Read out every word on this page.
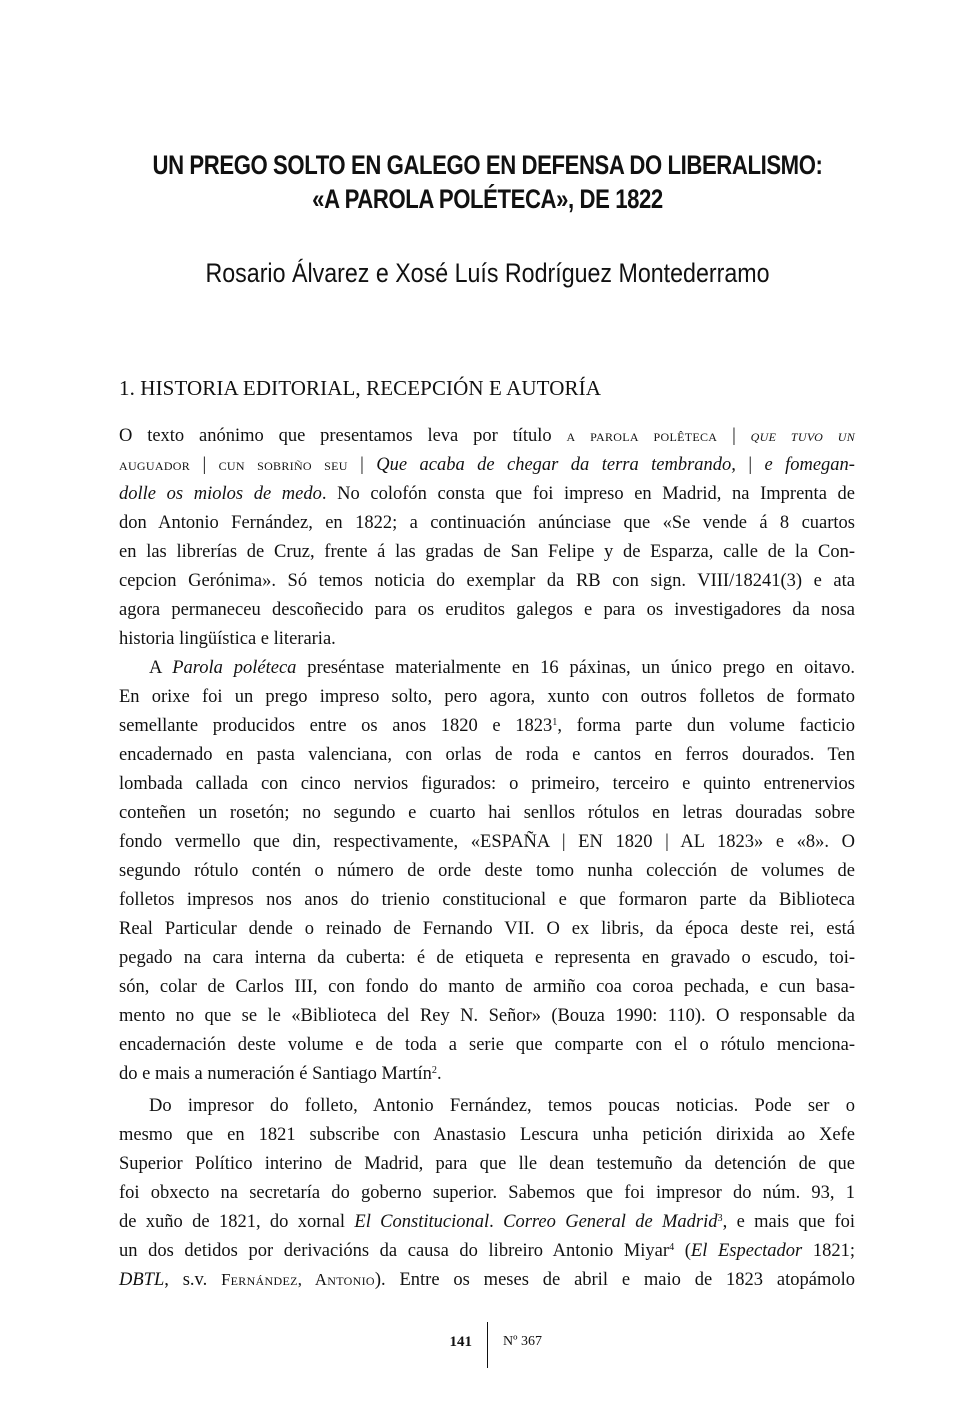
UN PREGO SOLTO EN GALEGO EN DEFENSA DO LIBERALISMO:
«A PAROLA POLÉTECA», DE 1822
Rosario Álvarez e Xosé Luís Rodríguez Montederramo
1. HISTORIA EDITORIAL, RECEPCIÓN E AUTORÍA
O texto anónimo que presentamos leva por título a parola polêteca | que tuvo un
auguador | cun sobriño seu | Que acaba de chegar da terra tembrando, | e fomegan-
dolle os miolos de medo. No colofón consta que foi impreso en Madrid, na Imprenta de
don Antonio Fernández, en 1822; a continuación anúnciase que «Se vende á 8 cuartos
en las librerías de Cruz, frente á las gradas de San Felipe y de Esparza, calle de la Con-
cepcion Gerónima». Só temos noticia do exemplar da RB con sign. VIII/18241(3) e ata
agora permaneceu descoñecido para os eruditos galegos e para os investigadores da nosa
historia lingüística e literaria.
A Parola poléteca preséntase materialmente en 16 páxinas, un único prego en oitavo.
En orixe foi un prego impreso solto, pero agora, xunto con outros folletos de formato
semellante producidos entre os anos 1820 e 1823$^1$, forma parte dun volume facticio
encadernado en pasta valenciana, con orlas de roda e cantos en ferros dourados. Ten
lombada callada con cinco nervios figurados: o primeiro, terceiro e quinto entrenervios
conteñen un rosetón; no segundo e cuarto hai senllos rótulos en letras douradas sobre
fondo vermello que din, respectivamente, «ESPAÑA | EN 1820 | AL 1823» e «8». O
segundo rótulo contén o número de orde deste tomo nunha colección de volumes de
folletos impresos nos anos do trienio constitucional e que formaron parte da Biblioteca
Real Particular dende o reinado de Fernando VII. O ex libris, da época deste rei, está
pegado na cara interna da cuberta: é de etiqueta e representa en gravado o escudo, toi-
són, colar de Carlos III, con fondo do manto de armiño coa coroa pechada, e cun basa-
mento no que se le «Biblioteca del Rey N. Señor» (Bouza 1990: 110). O responsable da
encadernación deste volume e de toda a serie que comparte con el o rótulo menciona-
do e mais a numeración é Santiago Martín$^2$.
Do impresor do folleto, Antonio Fernández, temos poucas noticias. Pode ser o
mesmo que en 1821 subscribe con Anastasio Lescura unha petición dirixida ao Xefe
Superior Político interino de Madrid, para que lle dean testemuño da detención de que
foi obxecto na secretaría do goberno superior. Sabemos que foi impresor do núm. 93, 1
de xuño de 1821, do xornal El Constitucional. Correo General de Madrid$^3$, e mais que foi
un dos detidos por derivacións da causa do libreiro Antonio Miyar$^4$ (El Espectador 1821;
DBTL, s.v. Fernández, Antonio). Entre os meses de abril e maio de 1823 atopámolo
141 Nº 367
